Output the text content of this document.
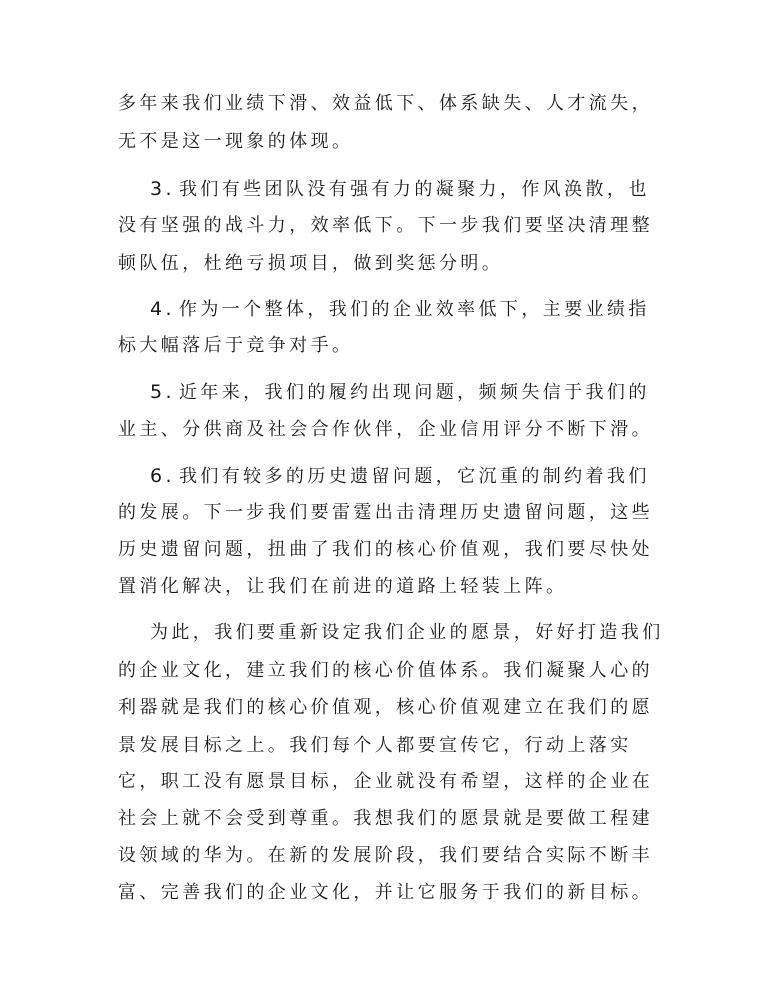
多年来我们业绩下滑、效益低下、体系缺失、人才流失，
无不是这一现象的体现。
3. 我们有些团队没有强有力的凝聚力，作风涣散，也
没有坚强的战斗力，效率低下。下一步我们要坚决清理整
顿队伍，杜绝亏损项目，做到奖惩分明。
4. 作为一个整体，我们的企业效率低下，主要业绩指
标大幅落后于竞争对手。
5. 近年来，我们的履约出现问题，频频失信于我们的
业主、分供商及社会合作伙伴，企业信用评分不断下滑。
6. 我们有较多的历史遗留问题，它沉重的制约着我们
的发展。下一步我们要雷霆出击清理历史遗留问题，这些
历史遗留问题，扭曲了我们的核心价值观，我们要尽快处
置消化解决，让我们在前进的道路上轻装上阵。
为此，我们要重新设定我们企业的愿景，好好打造我们
的企业文化，建立我们的核心价值体系。我们凝聚人心的
利器就是我们的核心价值观，核心价值观建立在我们的愿
景发展目标之上。我们每个人都要宣传它，行动上落实
它，职工没有愿景目标，企业就没有希望，这样的企业在
社会上就不会受到尊重。我想我们的愿景就是要做工程建
设领域的华为。在新的发展阶段，我们要结合实际不断丰
富、完善我们的企业文化，并让它服务于我们的新目标。
